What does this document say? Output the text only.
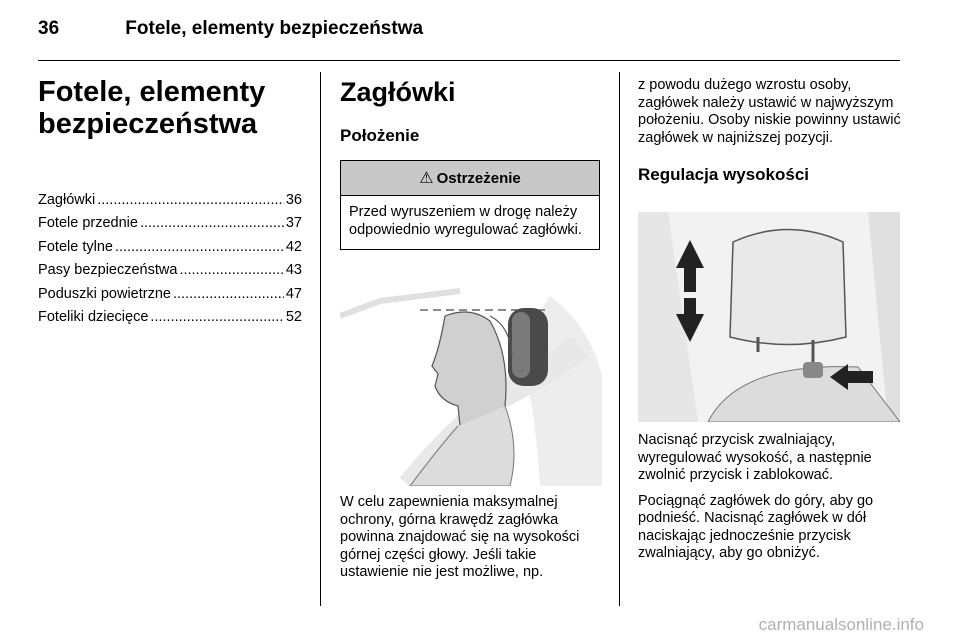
36	Fotele, elementy bezpieczeństwa
Fotele, elementy
bezpieczeństwa
Zagłówki .....	36
Fotele przednie .....	37
Fotele tylne .....	42
Pasy bezpieczeństwa .....	43
Poduszki powietrzne .....	47
Foteliki dziecięce .....	52
Zagłówki
Położenie
⚠ Ostrzeżenie
Przed wyruszeniem w drogę należy odpowiednio wyregulować zagłówki.

W celu zapewnienia maksymalnej ochrony, górna krawędź zagłówka powinna znajdować się na wysokości górnej części głowy. Jeśli takie ustawienie nie jest możliwe, np.

z powodu dużego wzrostu osoby, zagłówek należy ustawić w najwyższym położeniu. Osoby niskie powinny ustawić zagłówek w najniższej pozycji.

Regulacja wysokości

Nacisnąć przycisk zwalniający, wyregulować wysokość, a następnie zwolnić przycisk i zablokować.

Pociągnąć zagłówek do góry, aby go podnieść. Nacisnąć zagłówek w dół naciskając jednocześnie przycisk zwalniający, aby go obniżyć.

carmanualsonline.info
